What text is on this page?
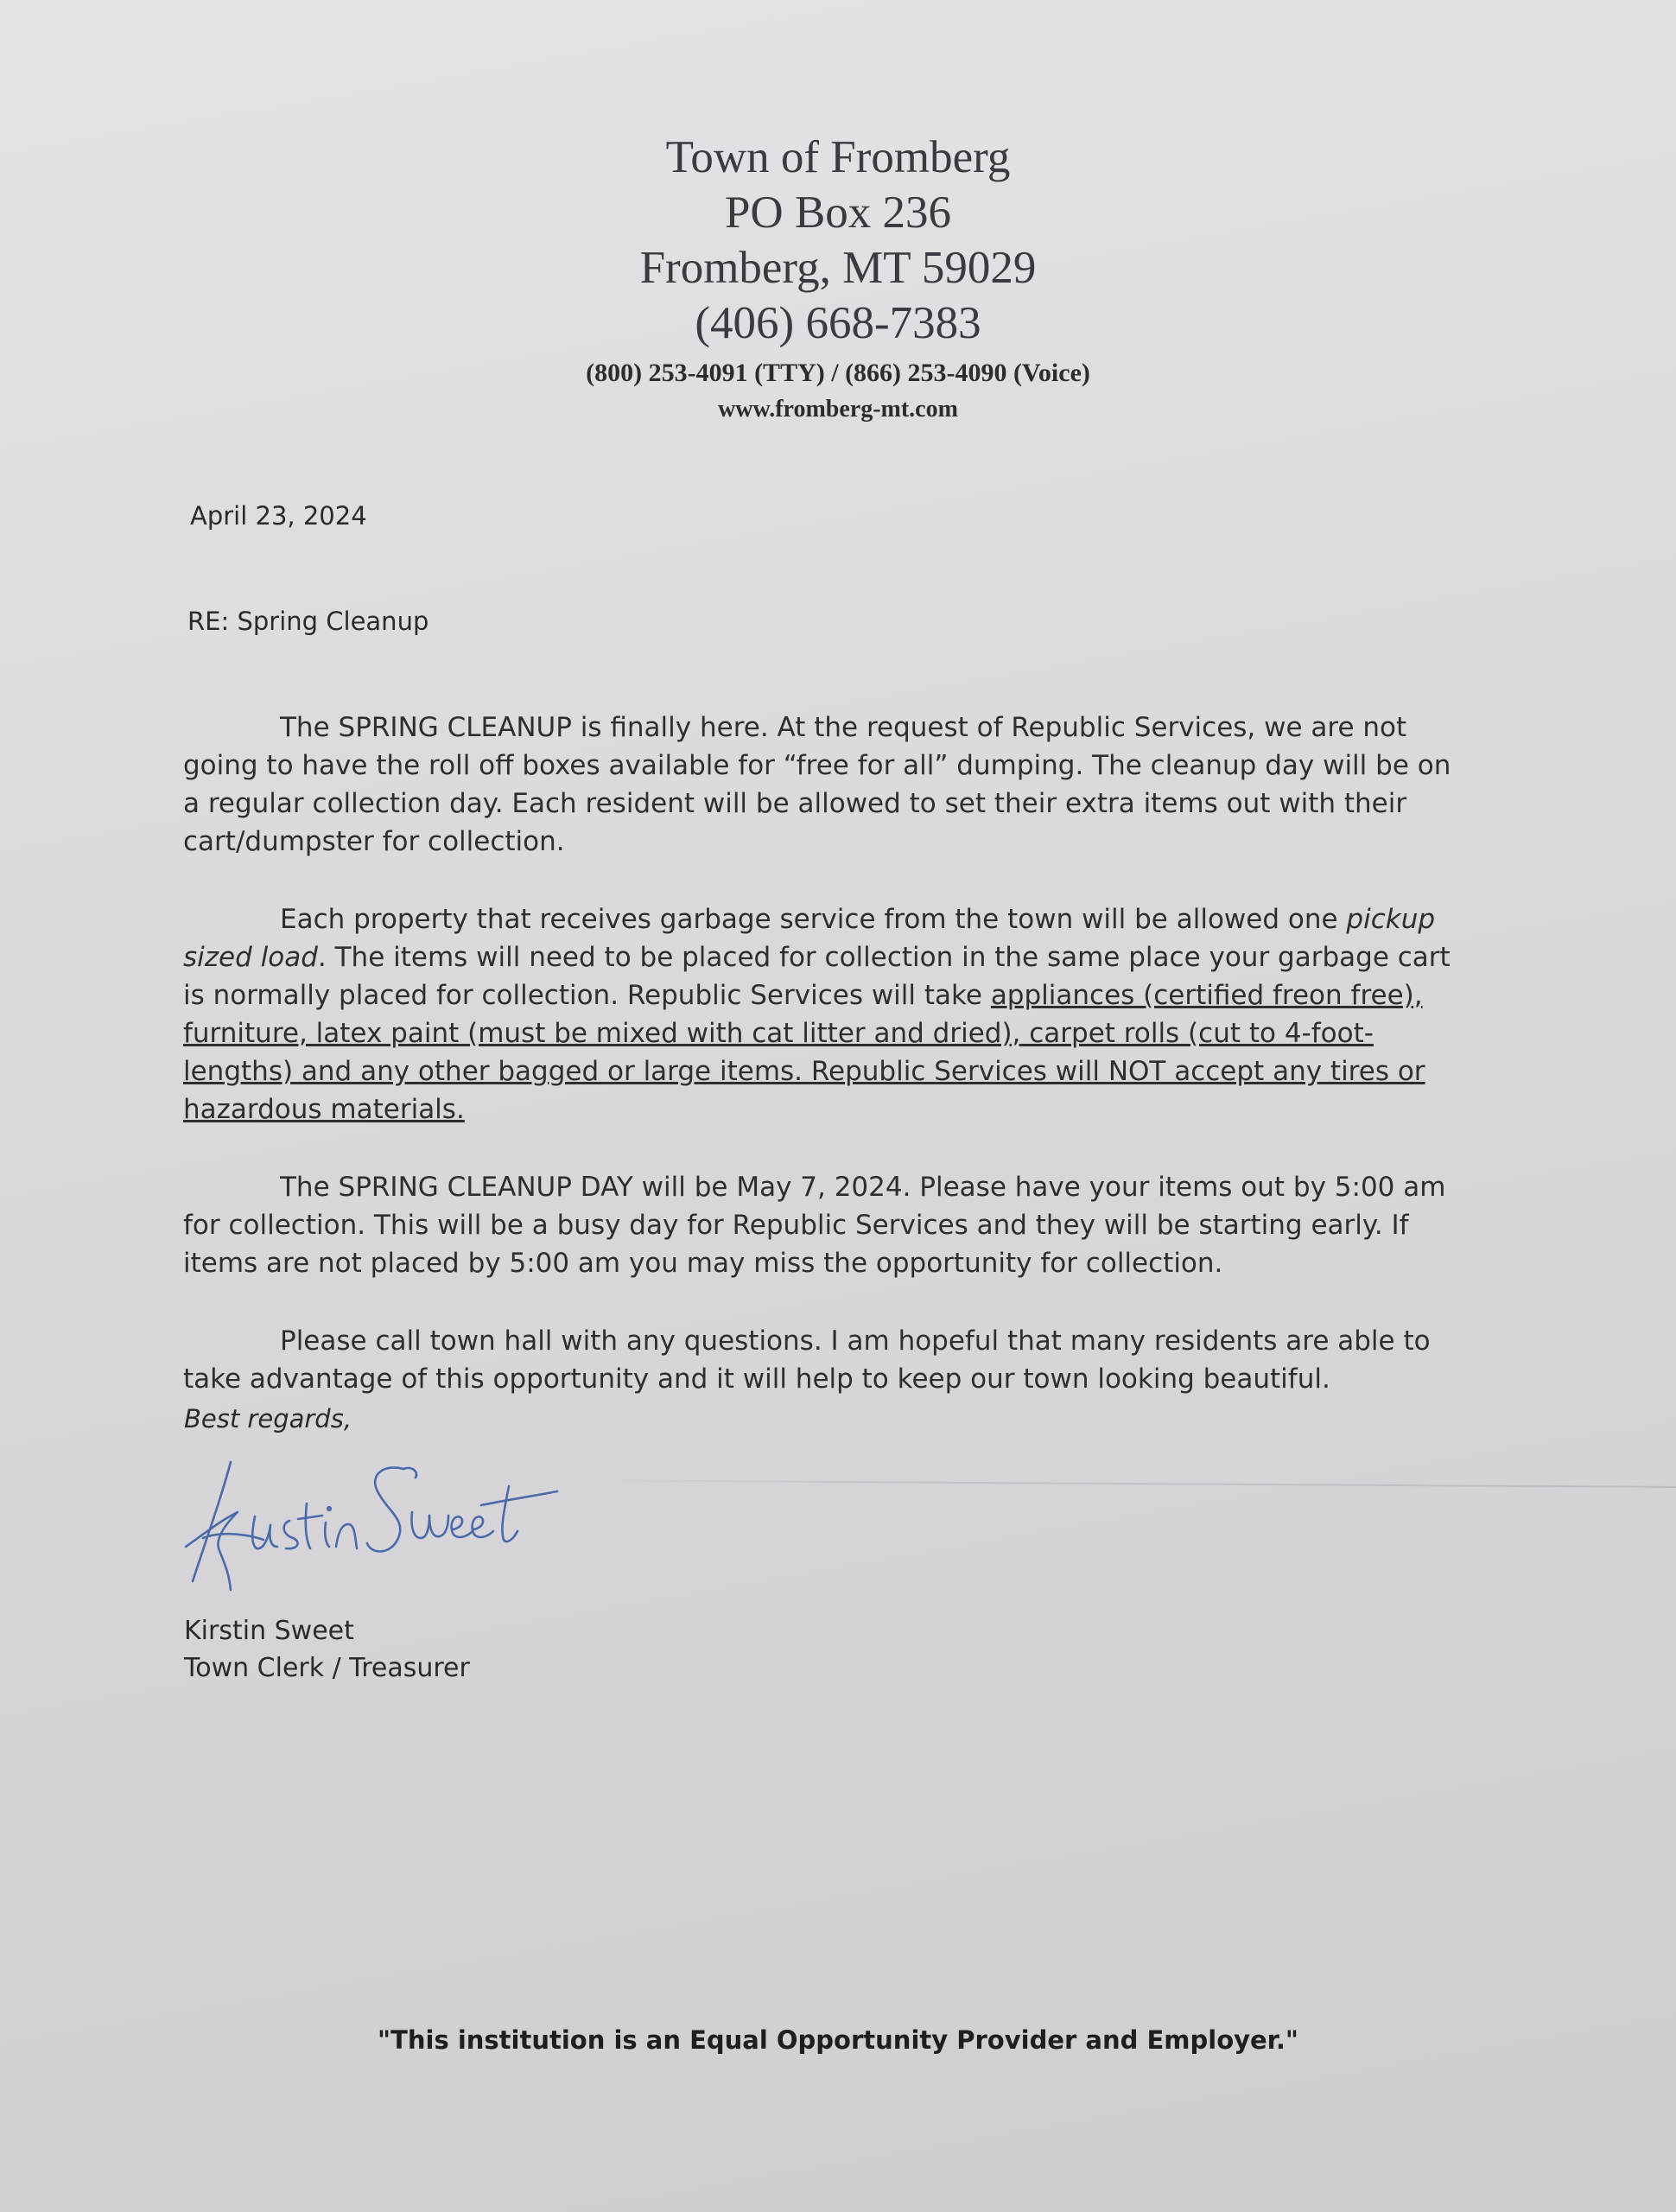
Town of Fromberg
PO Box 236
Fromberg, MT 59029
(406) 668-7383
(800) 253-4091 (TTY) / (866) 253-4090 (Voice)
www.fromberg-mt.com
April 23, 2024
RE: Spring Cleanup

The SPRING CLEANUP is finally here. At the request of Republic Services, we are not going to have the roll off boxes available for “free for all” dumping. The cleanup day will be on a regular collection day. Each resident will be allowed to set their extra items out with their cart/dumpster for collection.

Each property that receives garbage service from the town will be allowed one pickup sized load. The items will need to be placed for collection in the same place your garbage cart is normally placed for collection. Republic Services will take appliances (certified freon free), furniture, latex paint (must be mixed with cat litter and dried), carpet rolls (cut to 4-foot-lengths) and any other bagged or large items. Republic Services will NOT accept any tires or hazardous materials.

The SPRING CLEANUP DAY will be May 7, 2024. Please have your items out by 5:00 am for collection. This will be a busy day for Republic Services and they will be starting early. If items are not placed by 5:00 am you may miss the opportunity for collection.

Please call town hall with any questions. I am hopeful that many residents are able to take advantage of this opportunity and it will help to keep our town looking beautiful.

Best regards,
Kirstin Sweet
Town Clerk / Treasurer
"This institution is an Equal Opportunity Provider and Employer."
